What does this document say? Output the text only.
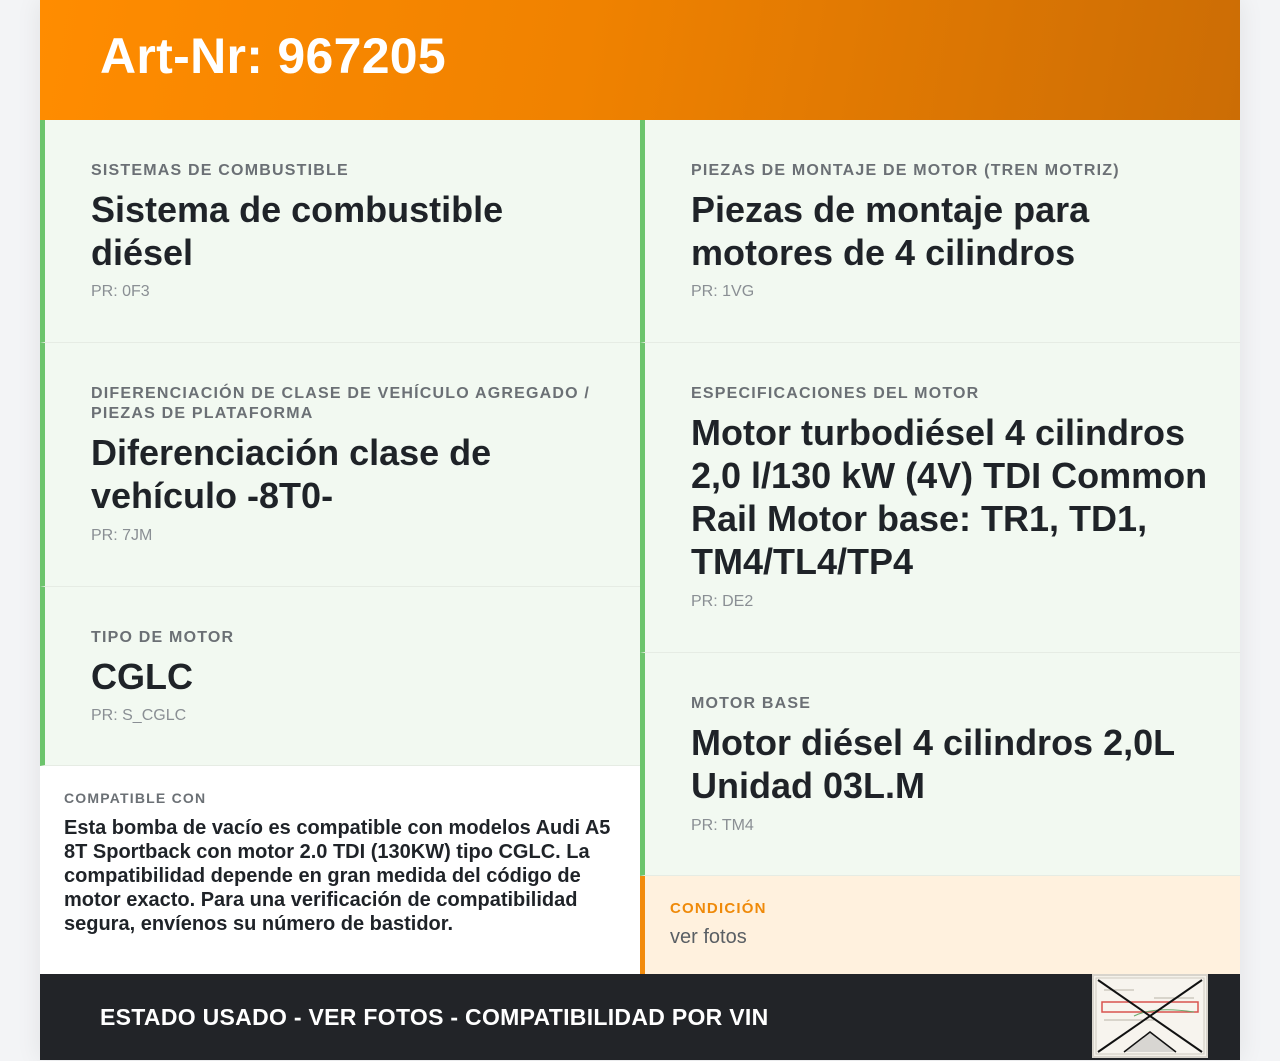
Art-Nr: 967205
SISTEMAS DE COMBUSTIBLE
Sistema de combustible diésel
PR: 0F3
DIFERENCIACIÓN DE CLASE DE VEHÍCULO AGREGADO / PIEZAS DE PLATAFORMA
Diferenciación clase de vehículo -8T0-
PR: 7JM
TIPO DE MOTOR
CGLC
PR: S_CGLC
COMPATIBLE CON
Esta bomba de vacío es compatible con modelos Audi A5 8T Sportback con motor 2.0 TDI (130KW) tipo CGLC. La compatibilidad depende en gran medida del código de motor exacto. Para una verificación de compatibilidad segura, envíenos su número de bastidor.
PIEZAS DE MONTAJE DE MOTOR (TREN MOTRIZ)
Piezas de montaje para motores de 4 cilindros
PR: 1VG
ESPECIFICACIONES DEL MOTOR
Motor turbodiésel 4 cilindros 2,0 l/130 kW (4V) TDI Common Rail Motor base: TR1, TD1, TM4/TL4/TP4
PR: DE2
MOTOR BASE
Motor diésel 4 cilindros 2,0L Unidad 03L.M
PR: TM4
CONDICIÓN
ver fotos
ESTADO USADO - VER FOTOS - COMPATIBILIDAD POR VIN
